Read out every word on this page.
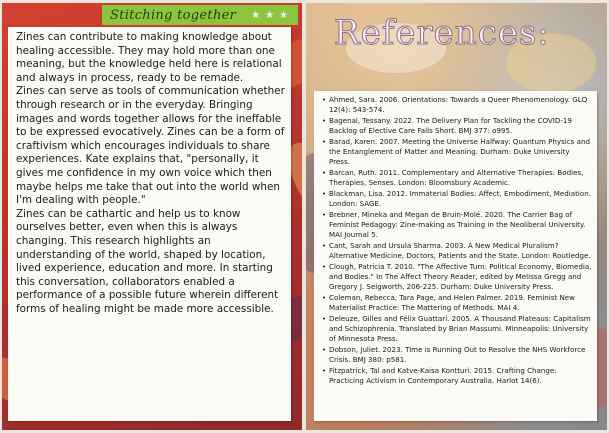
Stitching together ★ ★ ★

Zines can contribute to making knowledge about healing accessible. They may hold more than one meaning, but the knowledge held here is relational and always in process, ready to be remade.

Zines can serve as tools of communication whether through research or in the everyday. Bringing images and words together allows for the ineffable to be expressed evocatively. Zines can be a form of craftivism which encourages individuals to share experiences. Kate explains that, "personally, it gives me confidence in my own voice which then maybe helps me take that out into the world when I'm dealing with people."

Zines can be cathartic and help us to know ourselves better, even when this is always changing. This research highlights an understanding of the world, shaped by location, lived experience, education and more. In starting this conversation, collaborators enabled a performance of a possible future wherein different forms of healing might be made more accessible.

References:
• Ahmed, Sara. 2006. Orientations: Towards a Queer Phenomenology. GLQ 12(4): 543-574.
• Bagenal, Tessany. 2022. The Delivery Plan for Tackling the COVID-19 Backlog of Elective Care Falls Short. BMJ 377: o995.
• Barad, Karen. 2007. Meeting the Universe Halfway: Quantum Physics and the Entanglement of Matter and Meaning. Durham: Duke University Press.
• Barcan, Ruth. 2011. Complementary and Alternative Therapies: Bodies, Therapies, Senses. London: Bloomsbury Academic.
• Blackman, Lisa. 2012. Immaterial Bodies: Affect, Embodiment, Mediation. London: SAGE.
• Brebner, Mineka and Megan de Bruin-Molé. 2020. The Carrier Bag of Feminist Pedagogy: Zine-making as Training in the Neoliberal University. MAI Journal 5.
• Cant, Sarah and Ursula Sharma. 2003. A New Medical Pluralism? Alternative Medicine, Doctors, Patients and the State. London: Routledge.
• Clough, Patricia T. 2010. "The Affective Turn: Political Economy, Biomedia, and Bodies." In The Affect Theory Reader, edited by Melissa Gregg and Gregory J. Seigworth, 206-225. Durham: Duke University Press.
• Coleman, Rebecca, Tara Page, and Helen Palmer. 2019. Feminist New Materialist Practice: The Mattering of Methods. MAI 4.
• Deleuze, Gilles and Félix Guattari. 2005. A Thousand Plateaus: Capitalism and Schizophrenia. Translated by Brian Massumi. Minneapolis: University of Minnesota Press.
• Dobson, Juliet. 2023. Time is Running Out to Resolve the NHS Workforce Crisis. BMJ 380: p581.
• Fitzpatrick, Tal and Katve-Kaisa Kontturi. 2015. Crafting Change: Practicing Activism in Contemporary Australia. Harlot 14(6).
